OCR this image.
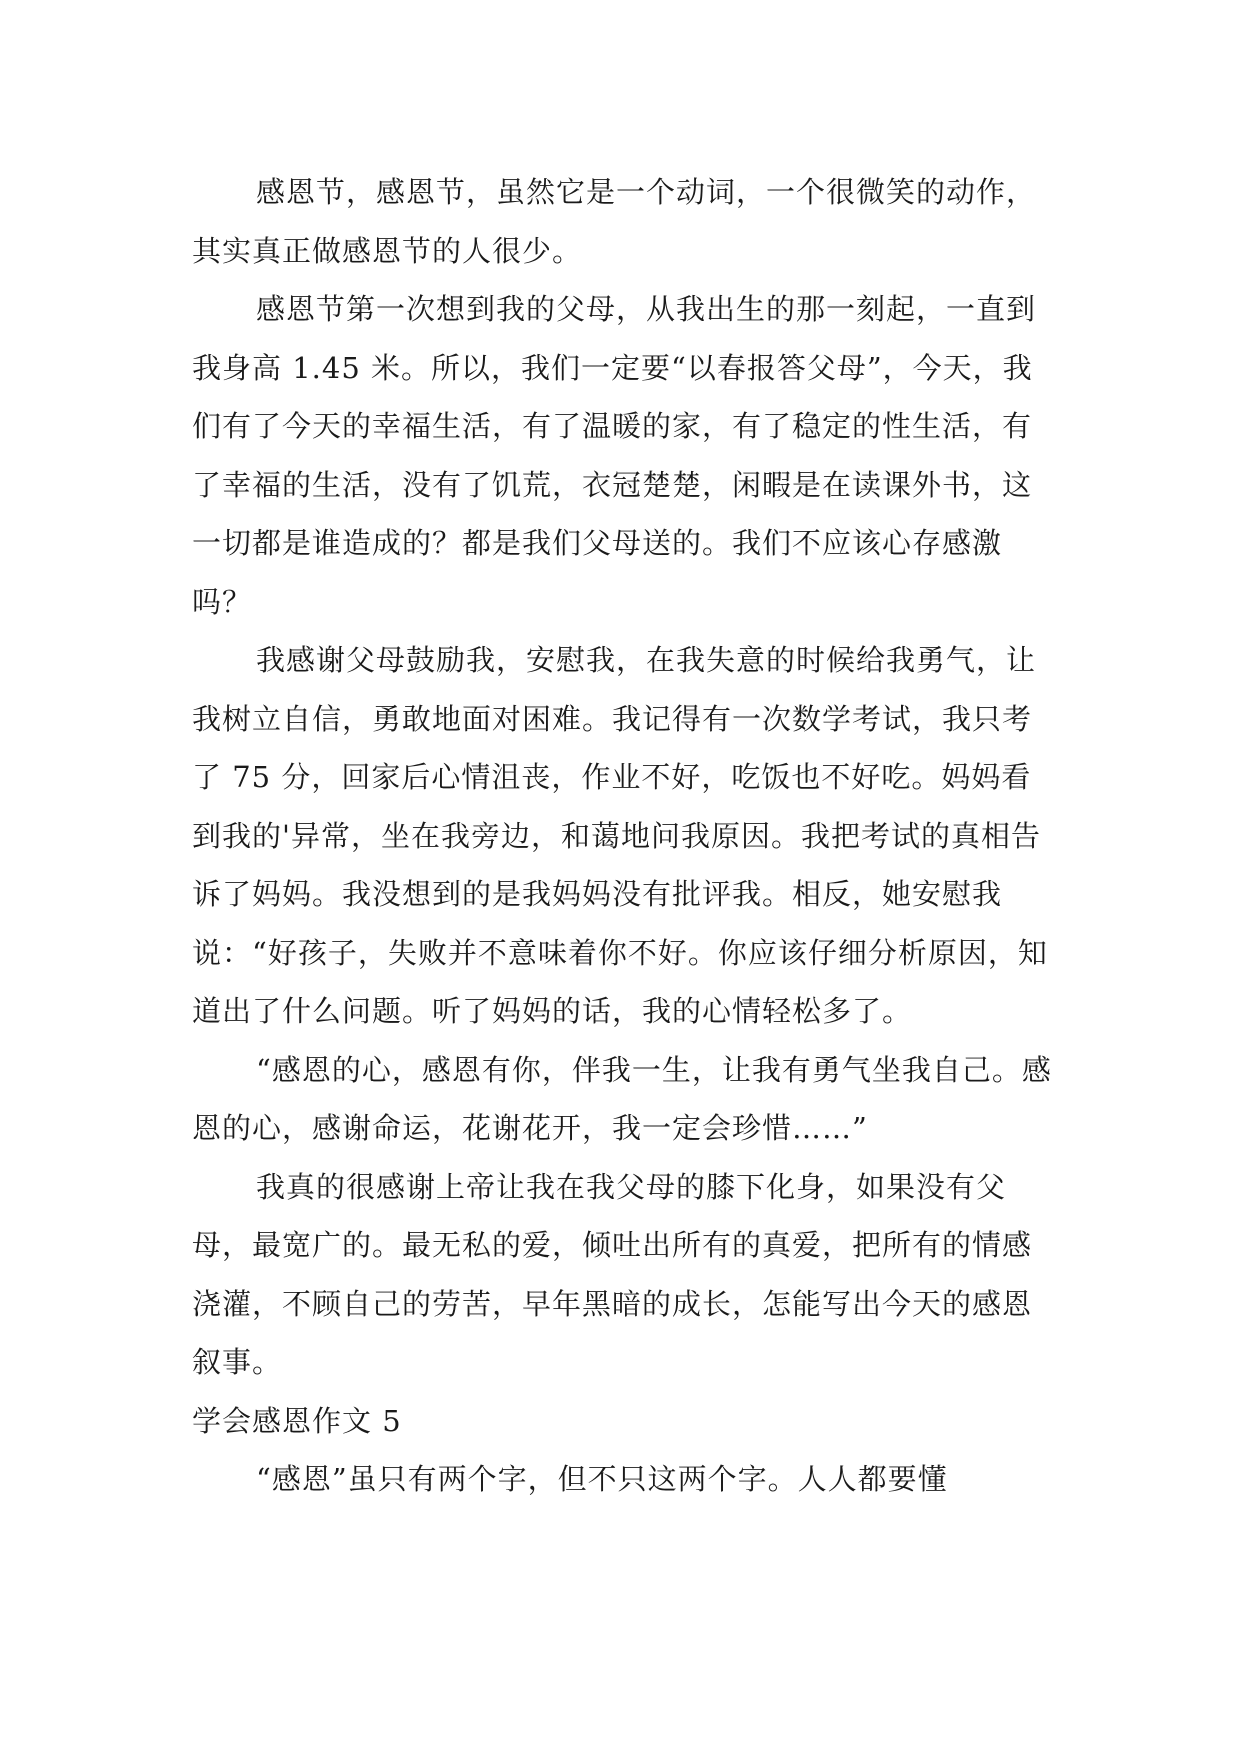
感恩节，感恩节，虽然它是一个动词，一个很微笑的动作，其实真正做感恩节的人很少。

感恩节第一次想到我的父母，从我出生的那一刻起，一直到我身高 1.45 米。所以，我们一定要“以春报答父母”，今天，我们有了今天的幸福生活，有了温暖的家，有了稳定的性生活，有了幸福的生活，没有了饥荒，衣冠楚楚，闲暇是在读课外书，这一切都是谁造成的？都是我们父母送的。我们不应该心存感激吗？

我感谢父母鼓励我，安慰我，在我失意的时候给我勇气，让我树立自信，勇敢地面对困难。我记得有一次数学考试，我只考了 75 分，回家后心情沮丧，作业不好，吃饭也不好吃。妈妈看到我的'异常，坐在我旁边，和蔼地问我原因。我把考试的真相告诉了妈妈。我没想到的是我妈妈没有批评我。相反，她安慰我说：“好孩子，失败并不意味着你不好。你应该仔细分析原因，知道出了什么问题。听了妈妈的话，我的心情轻松多了。

“感恩的心，感恩有你，伴我一生，让我有勇气坐我自己。感恩的心，感谢命运，花谢花开，我一定会珍惜……”

我真的很感谢上帝让我在我父母的膝下化身，如果没有父母，最宽广的。最无私的爱，倾吐出所有的真爱，把所有的情感浇灌，不顾自己的劳苦，早年黑暗的成长，怎能写出今天的感恩叙事。

学会感恩作文 5

“感恩”虽只有两个字，但不只这两个字。人人都要懂
